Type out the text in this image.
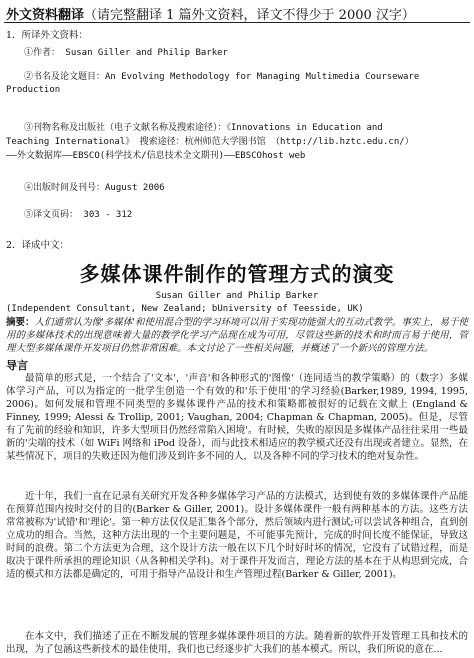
外文资料翻译（请完整翻译 1 篇外文资料，译文不得少于 2000 汉字）
1．所译外文资料：
①作者： Susan Giller and Philip Barker
②书名及论文题目：An Evolving Methodology for Managing Multimedia Courseware
Production
③刊物名称及出版社（电子文献名称及搜索途径）：《Innovations in Education and
Teaching International》 搜索途径：杭州师范大学图书馆 （http://lib.hztc.edu.cn/）
——外文数据库——EBSCO(科学技术/信息技术全文期刊)——EBSCOhost web
④出版时间及刊号：August 2006
⑤译文页码： 303 - 312
2．译成中文：
多媒体课件制作的管理方式的演变
Susan Giller and Philip Barker
(Independent Consultant, New Zealand; bUniversity of Teesside, UK)
摘要：人们通常认为像'多媒体'和使用混合型的学习环境可以用于实现功能强大的互动式教学。事实上，易于使用的多媒体技术的出现意味着大量的教学化学习产品现在成为可用，尽管这些新的技术和时而言易于使用，管理大型多媒体课件开发项目仍然非常困难。本文讨论了一些相关问题，并概述了一个新兴的管理方法。
导言
最简单的形式是，一个结合了'文本'，'声音'和各种形式的'图像'（连同适当的教学策略）的（数字）多媒体学习产品，可以为指定的一批学生创造一个有效的和'乐于使用'的学习经验(Barker,1989, 1994, 1995, 2006)。如何发展和管理不同类型的多媒体课件产品的技术和策略都被很好的记载在文献上 (England & Finney, 1999; Alessi & Trollip, 2001; Vaughan, 2004; Chapman & Chapman, 2005)。但是，尽管有了先前的经验和知识，许多大型项目仍然经常陷入困境'。有时候，失败的原因是多媒体产品往往采用一些最新的'尖端的技术（如 WiFi 网络和 iPod 设备），而与此技术相适应的教学模式还没有出现或者建立。显然，在某些情况下，项目的失败还因为他们涉及到许多不同的人，以及各种不同的学习技术的绝对复杂性。
近十年，我们一直在记录有关研究开发各种多媒体学习产品的方法模式，达到使有效的多媒体课件产品能在预算范围内按时交付的目的(Barker & Giller, 2001)。设计多媒体课件一般有两种基本的方法。这些方法常常被称为'试错'和'理论'。第一种方法仅仅是汇集各个部分，然后领域内进行测试;可以尝试各种组合，直到创立成功的组合。当然，这种方法出现的一个主要问题是，不可能事先预计，完成的时间长度不能保证，导致这时间的浪费。第二个方法更为合理，这个设计方法一般在以下几个时好时坏的情况，它没有了试错过程，而是取决于课件所承担的理论知识（从各种相关学科)。对于课件开发而言，理论方法的基本在于从构思到完成，合适的模式和方法都是确定的，可用于指导产品设计和生产管理过程(Barker & Giller, 2001)。
在本文中，我们描述了正在不断发展的管理多媒体课件项目的方法。随着新的软件开发管理工具和技术的出现，为了包涵这些新技术的最佳使用，我们也已经逐步扩大我们的基本模式。所以，我们所说的意在...
